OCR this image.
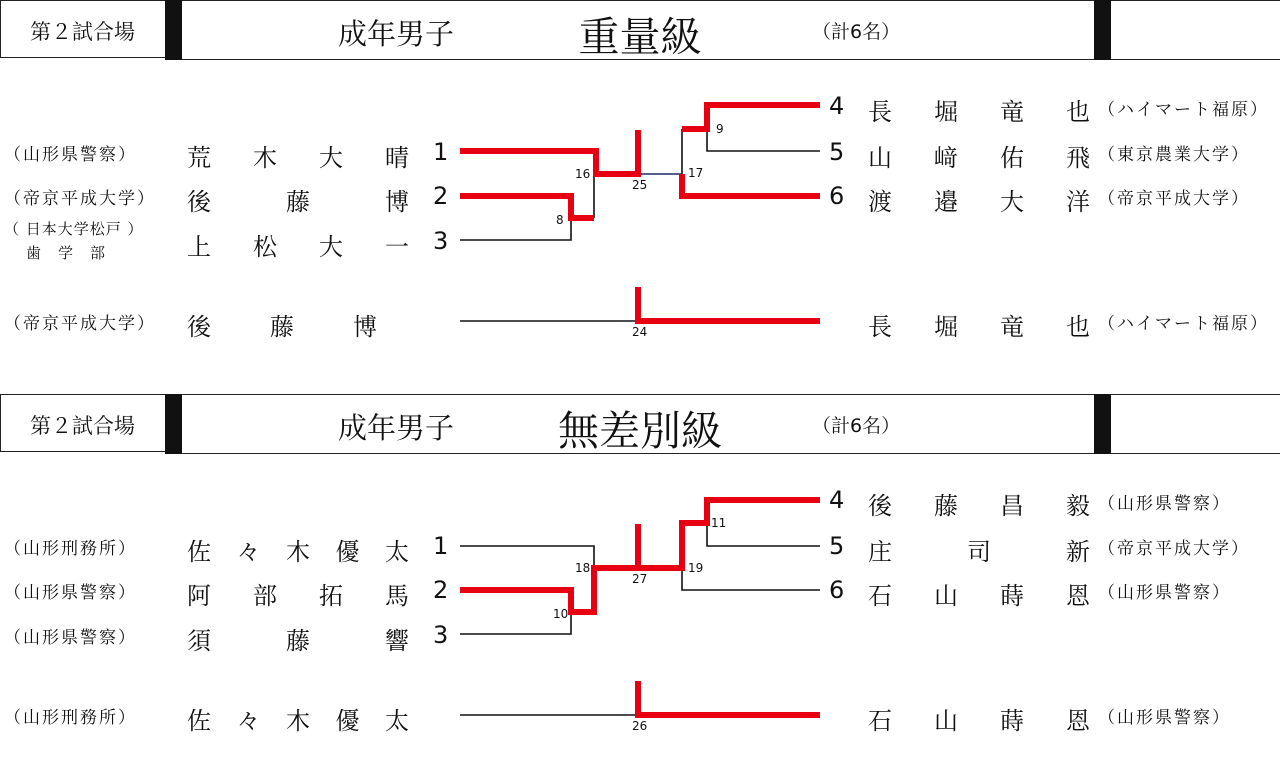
第２試合場	成年男子	重量級	（計6名）
（山形県警察）	荒木大晴 1
（帝京平成大学）	後藤博 2
（ 日本大学松戸 ）
歯　学　部	上松大一 3
4 長堀竜也 （ハイマート福原）
5 山﨑佑飛 （東京農業大学）
6 渡邉大洋 （帝京平成大学）
（帝京平成大学）	後藤博	長堀竜也 （ハイマート福原）
8
16
25
9
17
24
第２試合場	成年男子	無差別級	（計6名）
（山形刑務所）	佐々木優太 1
（山形県警察）	阿部拓馬 2
（山形県警察）	須藤響 3
4 後藤昌毅 （山形県警察）
5 庄司新 （帝京平成大学）
6 石山蒔恩 （山形県警察）
（山形刑務所）	佐々木優太	石山蒔恩 （山形県警察）
10
18
27
11
19
26
